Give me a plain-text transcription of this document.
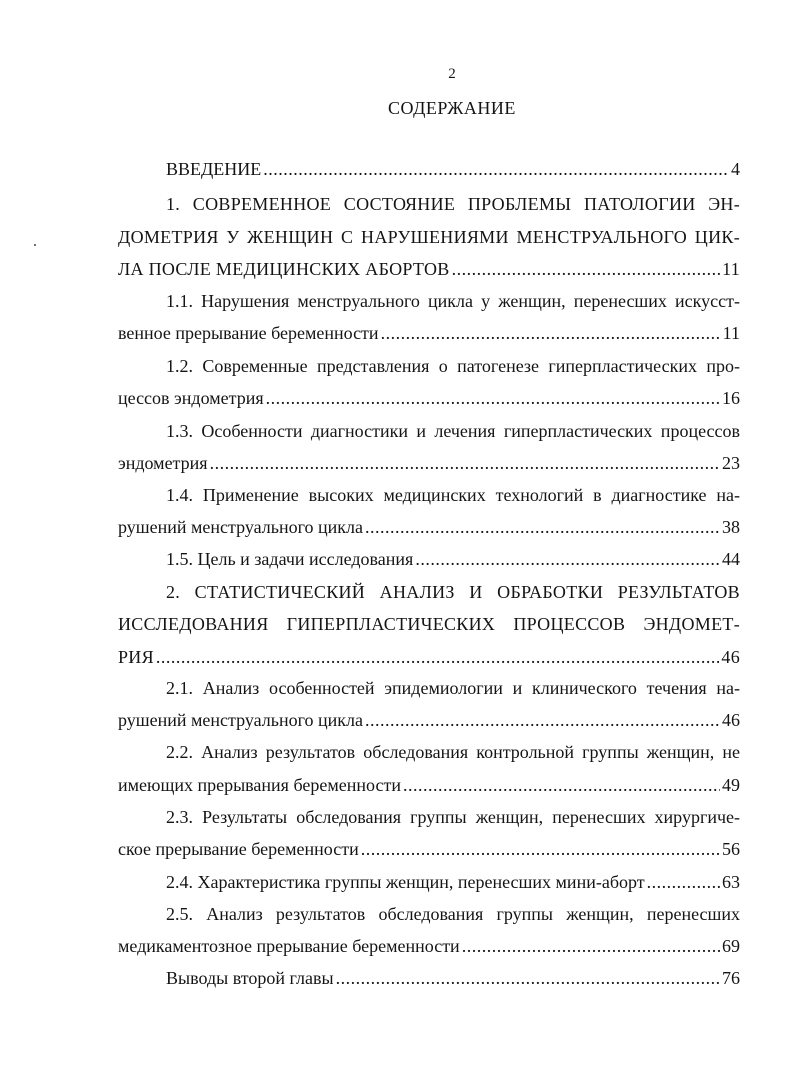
2
СОДЕРЖАНИЕ
ВВЕДЕНИЕ .....	4
1. СОВРЕМЕННОЕ СОСТОЯНИЕ ПРОБЛЕМЫ ПАТОЛОГИИ ЭН-
ДОМЕТРИЯ У ЖЕНЩИН С НАРУШЕНИЯМИ МЕНСТРУАЛЬНОГО ЦИК-
ЛА ПОСЛЕ МЕДИЦИНСКИХ АБОРТОВ .....	11
1.1. Нарушения менструального цикла у женщин, перенесших искусст-
венное прерывание беременности .....	11
1.2. Современные представления о патогенезе гиперпластических про-
цессов эндометрия .....	16
1.3. Особенности диагностики и лечения гиперпластических процессов
эндометрия .....	23
1.4. Применение высоких медицинских технологий в диагностике на-
рушений менструального цикла .....	38
1.5. Цель и задачи исследования .....	44
2. СТАТИСТИЧЕСКИЙ АНАЛИЗ И ОБРАБОТКИ РЕЗУЛЬТАТОВ
ИССЛЕДОВАНИЯ ГИПЕРПЛАСТИЧЕСКИХ ПРОЦЕССОВ ЭНДОМЕТ-
РИЯ .....	46
2.1. Анализ особенностей эпидемиологии и клинического течения на-
рушений менструального цикла .....	46
2.2. Анализ результатов обследования контрольной группы женщин, не
имеющих прерывания беременности .....	49
2.3. Результаты обследования группы женщин, перенесших хирургиче-
ское прерывание беременности .....	56
2.4. Характеристика группы женщин, перенесших мини-аборт .....	63
2.5. Анализ результатов обследования группы женщин, перенесших
медикаментозное прерывание беременности .....	69
Выводы второй главы .....	76
